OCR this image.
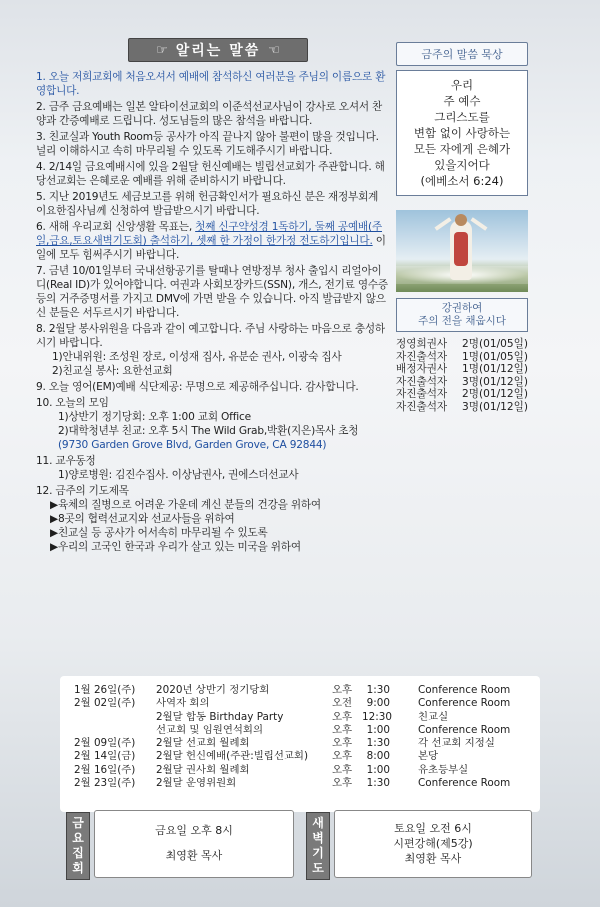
☞ 알리는 말씀 ☜

1. 오늘 저희교회에 처음오셔서 예배에 참석하신 여러분을 주님의 이름으로 환영합니다.

2. 금주 금요예배는 일본 알타이선교회의 이준석선교사님이 강사로 오셔서 찬양과 간증예배로 드립니다. 성도님들의 많은 참석을 바랍니다.

3. 친교실과 Youth Room등 공사가 아직 끝나지 않아 불편이 많을 것입니다. 널리 이해하시고 속히 마무리될 수 있도록 기도해주시기 바랍니다.

4. 2/14일 금요예배시에 있을 2월달 헌신예배는 빌립선교회가 주관합니다. 해당선교회는 은혜로운 예배를 위해 준비하시기 바랍니다.

5. 지난 2019년도 세금보고를 위해 헌금확인서가 필요하신 분은 재정부회계 이요한집사님께 신청하여 발급받으시기 바랍니다.

6. 새해 우리교회 신앙생활 목표는, 첫째 신구약성경 1독하기, 둘째 공예배(주일,금요,토요새벽기도회) 출석하기, 셋째 한 가정이 한가정 전도하기입니다. 이 일에 모두 힘써주시기 바랍니다.

7. 금년 10/01일부터 국내선항공기를 탈때나 연방정부 청사 출입시 리얼아이디(Real ID)가 있어야합니다. 여권과 사회보장카드(SSN), 개스, 전기료 영수증 등의 거주증명서를 가지고 DMV에 가면 받을 수 있습니다. 아직 발급받지 않으신 분들은 서두르시기 바랍니다.

8. 2월달 봉사위원을 다음과 같이 예고합니다. 주님 사랑하는 마음으로 충성하시기 바랍니다.
1)안내위원: 조성원 장로, 이성재 집사, 유분순 권사, 이광숙 집사
2)친교실 봉사: 요한선교회

9. 오늘 영어(EM)예배 식단제공: 무명으로 제공해주십니다. 감사합니다.

10. 오늘의 모임
1)상반기 정기당회: 오후 1:00 교회 Office
2)대학청년부 친교: 오후 5시 The Wild Grab,박환(지은)목사 초청
(9730 Garden Grove Blvd, Garden Grove, CA 92844)

11. 교우동정
1)양로병원: 김진수집사. 이상남권사, 권에스더선교사

12. 금주의 기도제목
▶육체의 질병으로 어려운 가운데 계신 분들의 건강을 위하여
▶8곳의 협력선교지와 선교사들을 위하여
▶친교실 등 공사가 어서속히 마무리될 수 있도록
▶우리의 고국인 한국과 우리가 살고 있는 미국을 위하여

금주의 말씀 묵상
우리
주 예수
그리스도를
변함 없이 사랑하는
모든 자에게 은혜가
있을지어다
(에베소서 6:24)
강권하여
주의 전을 채웁시다
정영희권사 2명(01/05일)
자진출석자 1명(01/05일)
배정자권사 1명(01/12일)
자진출석자 3명(01/12일)
자진출석자 2명(01/12일)
자진출석자 3명(01/12일)
1월 26일(주) 2020년 상반기 정기당회	오후	1:30	Conference Room
2월 02일(주) 사역자 회의	오전	9:00	Conference Room
2월달 합동 Birthday Party	오후 12:30	친교실
선교회 및 임원연석회의	오후	1:00	Conference Room
2월 09일(주) 2월달 선교회 월례회	오후	1:30	각 선교회 지정실
2월 14일(금) 2월달 헌신예배(주관:빌립선교회) 오후	8:00	본당
2월 16일(주) 2월달 권사회 월례회	오후	1:00	유초등부실
2월 23일(주) 2월달 운영위원회	오후	1:30	Conference Room
금
요
집
회
금요일 오후 8시
최영환 목사
새
벽
기
도
토요일 오전 6시
시편강해(제5강)
최영환 목사
